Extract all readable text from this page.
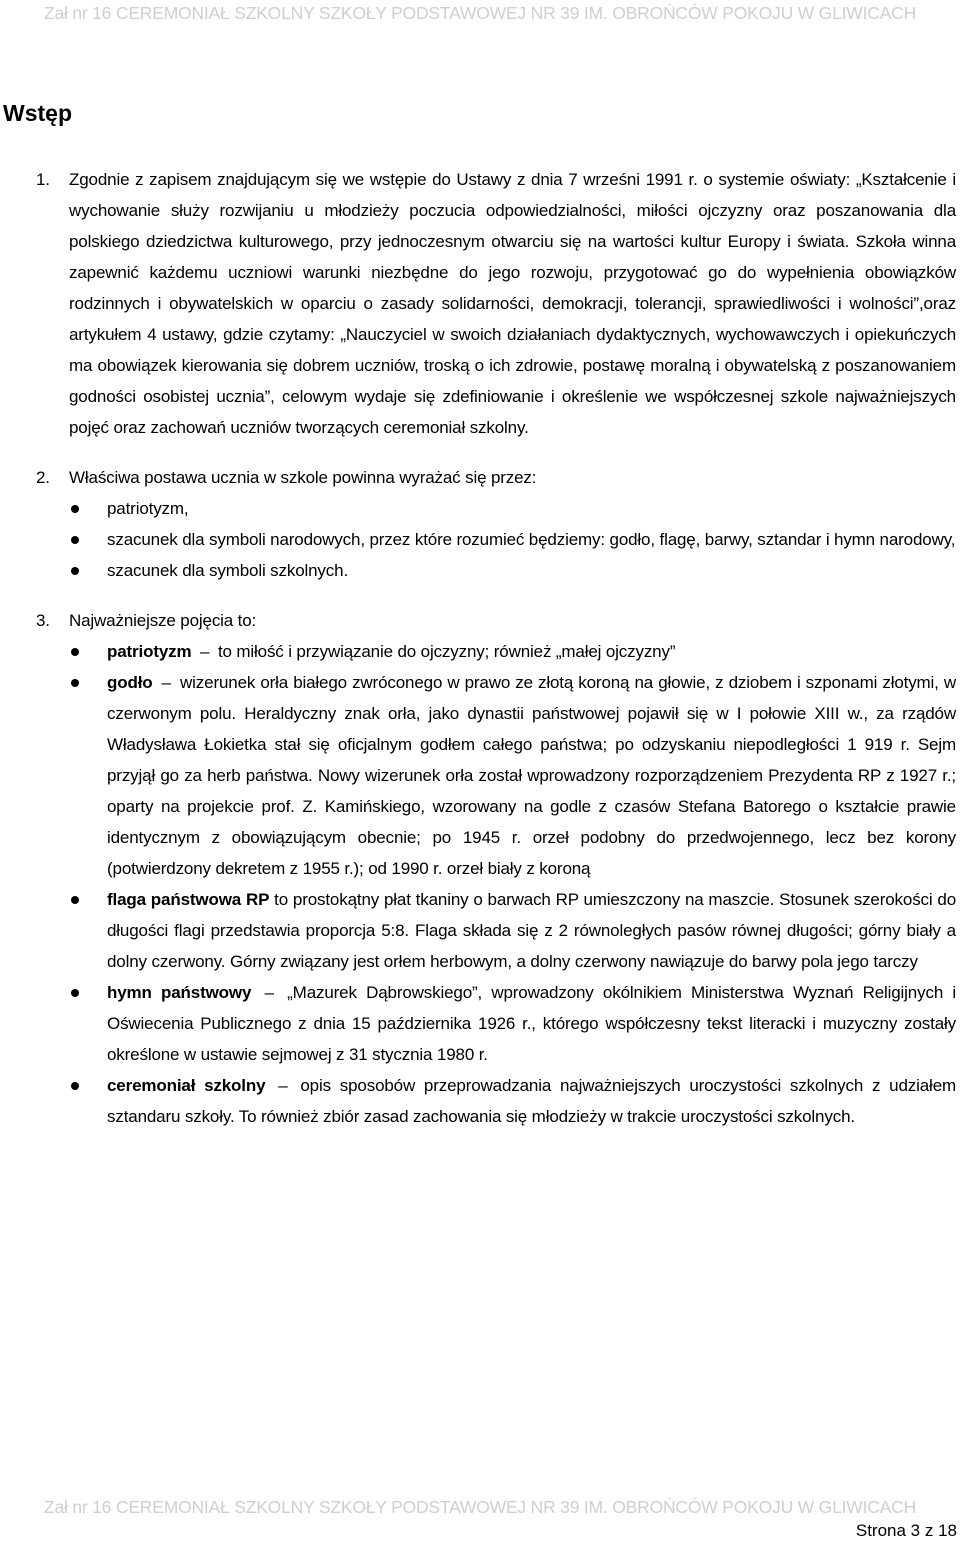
Zał nr 16 CEREMONIAŁ SZKOLNY SZKOŁY PODSTAWOWEJ NR 39 IM. OBROŃCÓW POKOJU W GLIWICACH
Wstęp
1. Zgodnie z zapisem znajdującym się we wstępie do Ustawy z dnia 7 wrześni 1991 r. o systemie oświaty: „Kształcenie i wychowanie służy rozwijaniu u młodzieży poczucia odpowiedzialności, miłości ojczyzny oraz poszanowania dla polskiego dziedzictwa kulturowego, przy jednoczesnym otwarciu się na wartości kultur Europy i świata. Szkoła winna zapewnić każdemu uczniowi warunki niezbędne do jego rozwoju, przygotować go do wypełnienia obowiązków rodzinnych i obywatelskich w oparciu o zasady solidarności, demokracji, tolerancji, sprawiedliwości i wolności”,oraz artykułem 4 ustawy, gdzie czytamy: „Nauczyciel w swoich działaniach dydaktycznych, wychowawczych i opiekuńczych ma obowiązek kierowania się dobrem uczniów, troską o ich zdrowie, postawę moralną i obywatelską z poszanowaniem godności osobistej ucznia”, celowym wydaje się zdefiniowanie i określenie we współczesnej szkole najważniejszych pojęć oraz zachowań uczniów tworzących ceremoniał szkolny.

2. Właściwa postawa ucznia w szkole powinna wyrażać się przez:

patriotyzm,
szacunek dla symboli narodowych, przez które rozumieć będziemy: godło, flagę, barwy, sztandar i hymn narodowy,
szacunek dla symboli szkolnych.
3. Najważniejsze pojęcia to:

patriotyzm – to miłość i przywiązanie do ojczyzny; również „małej ojczyzny”
godło – wizerunek orła białego zwróconego w prawo ze złotą koroną na głowie, z dziobem i szponami złotymi, w czerwonym polu. Heraldyczny znak orła, jako dynastii państwowej pojawił się w I połowie XIII w., za rządów Władysława Łokietka stał się oficjalnym godłem całego państwa; po odzyskaniu niepodległości 1 919 r. Sejm przyjął go za herb państwa. Nowy wizerunek orła został wprowadzony rozporządzeniem Prezydenta RP z 1927 r.; oparty na projekcie prof. Z. Kamińskiego, wzorowany na godle z czasów Stefana Batorego o kształcie prawie identycznym z obowiązującym obecnie; po 1945 r. orzeł podobny do przedwojennego, lecz bez korony (potwierdzony dekretem z 1955 r.); od 1990 r. orzeł biały z koroną
flaga państwowa RP to prostokątny płat tkaniny o barwach RP umieszczony na maszcie. Stosunek szerokości do długości flagi przedstawia proporcja 5:8. Flaga składa się z 2 równoległych pasów równej długości; górny biały a dolny czerwony. Górny związany jest orłem herbowym, a dolny czerwony nawiązuje do barwy pola jego tarczy
hymn państwowy – „Mazurek Dąbrowskiego”, wprowadzony okólnikiem Ministerstwa Wyznań Religijnych i Oświecenia Publicznego z dnia 15 października 1926 r., którego współczesny tekst literacki i muzyczny zostały określone w ustawie sejmowej z 31 stycznia 1980 r.
ceremoniał szkolny – opis sposobów przeprowadzania najważniejszych uroczystości szkolnych z udziałem sztandaru szkoły. To również zbiór zasad zachowania się młodzieży w trakcie uroczystości szkolnych.
Zał nr 16 CEREMONIAŁ SZKOLNY SZKOŁY PODSTAWOWEJ NR 39 IM. OBROŃCÓW POKOJU W GLIWICACH
Strona 3 z 18
